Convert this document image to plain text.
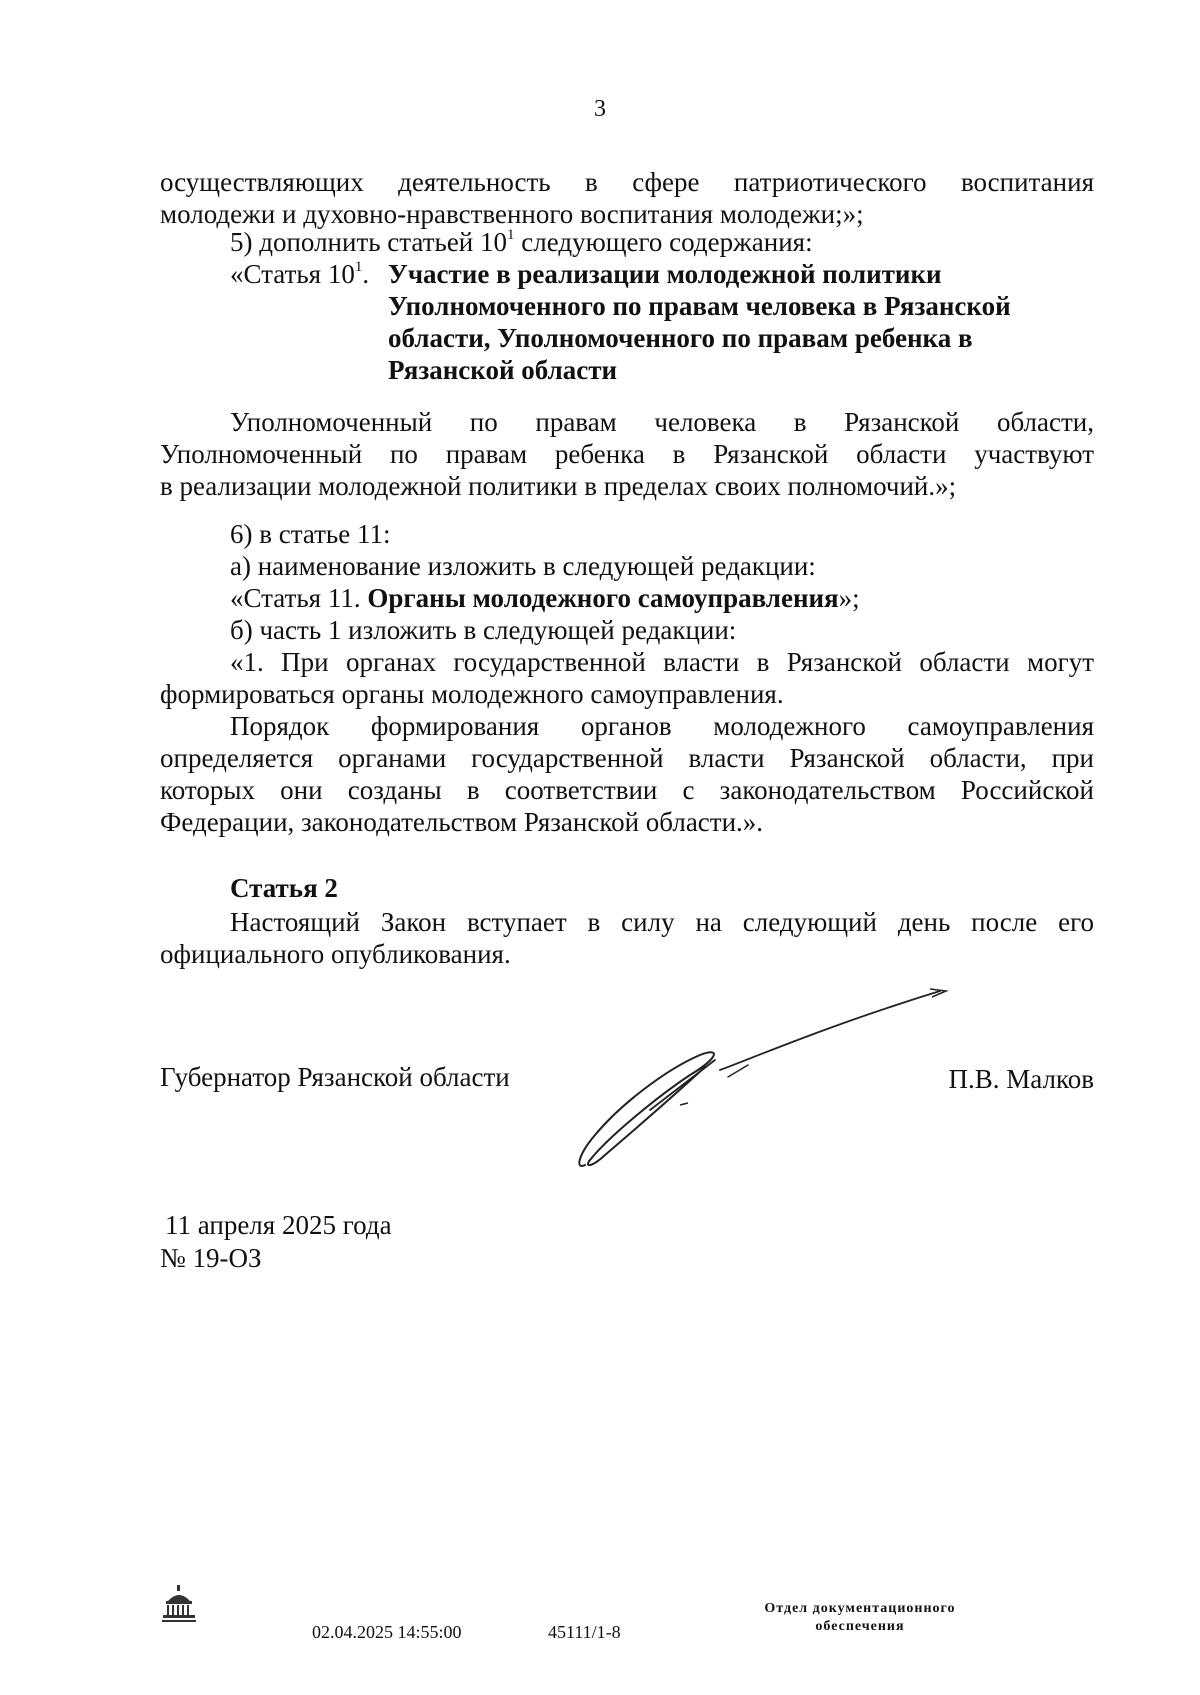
3
осуществляющих деятельность в сфере патриотического воспитания
молодежи и духовно-нравственного воспитания молодежи;»;
5) дополнить статьей $10^1$ следующего содержания:
«Статья $10^1$. Участие в реализации молодежной политики
Уполномоченного по правам человека в Рязанской
области, Уполномоченного по правам ребенка в
Рязанской области
Уполномоченный по правам человека в Рязанской области,
Уполномоченный по правам ребенка в Рязанской области участвуют
в реализации молодежной политики в пределах своих полномочий.»;
6) в статье 11:
а) наименование изложить в следующей редакции:
«Статья 11. Органы молодежного самоуправления»;
б) часть 1 изложить в следующей редакции:
«1. При органах государственной власти в Рязанской области могут
формироваться органы молодежного самоуправления.
Порядок формирования органов молодежного самоуправления
определяется органами государственной власти Рязанской области, при
которых они созданы в соответствии с законодательством Российской
Федерации, законодательством Рязанской области.».
Статья 2
Настоящий Закон вступает в силу на следующий день после его
официального опубликования.
Губернатор Рязанской области	П.В. Малков
11 апреля 2025 года
№ 19-ОЗ
02.04.2025 14:55:00	45111/1-8
Отдел документационного
обеспечения
